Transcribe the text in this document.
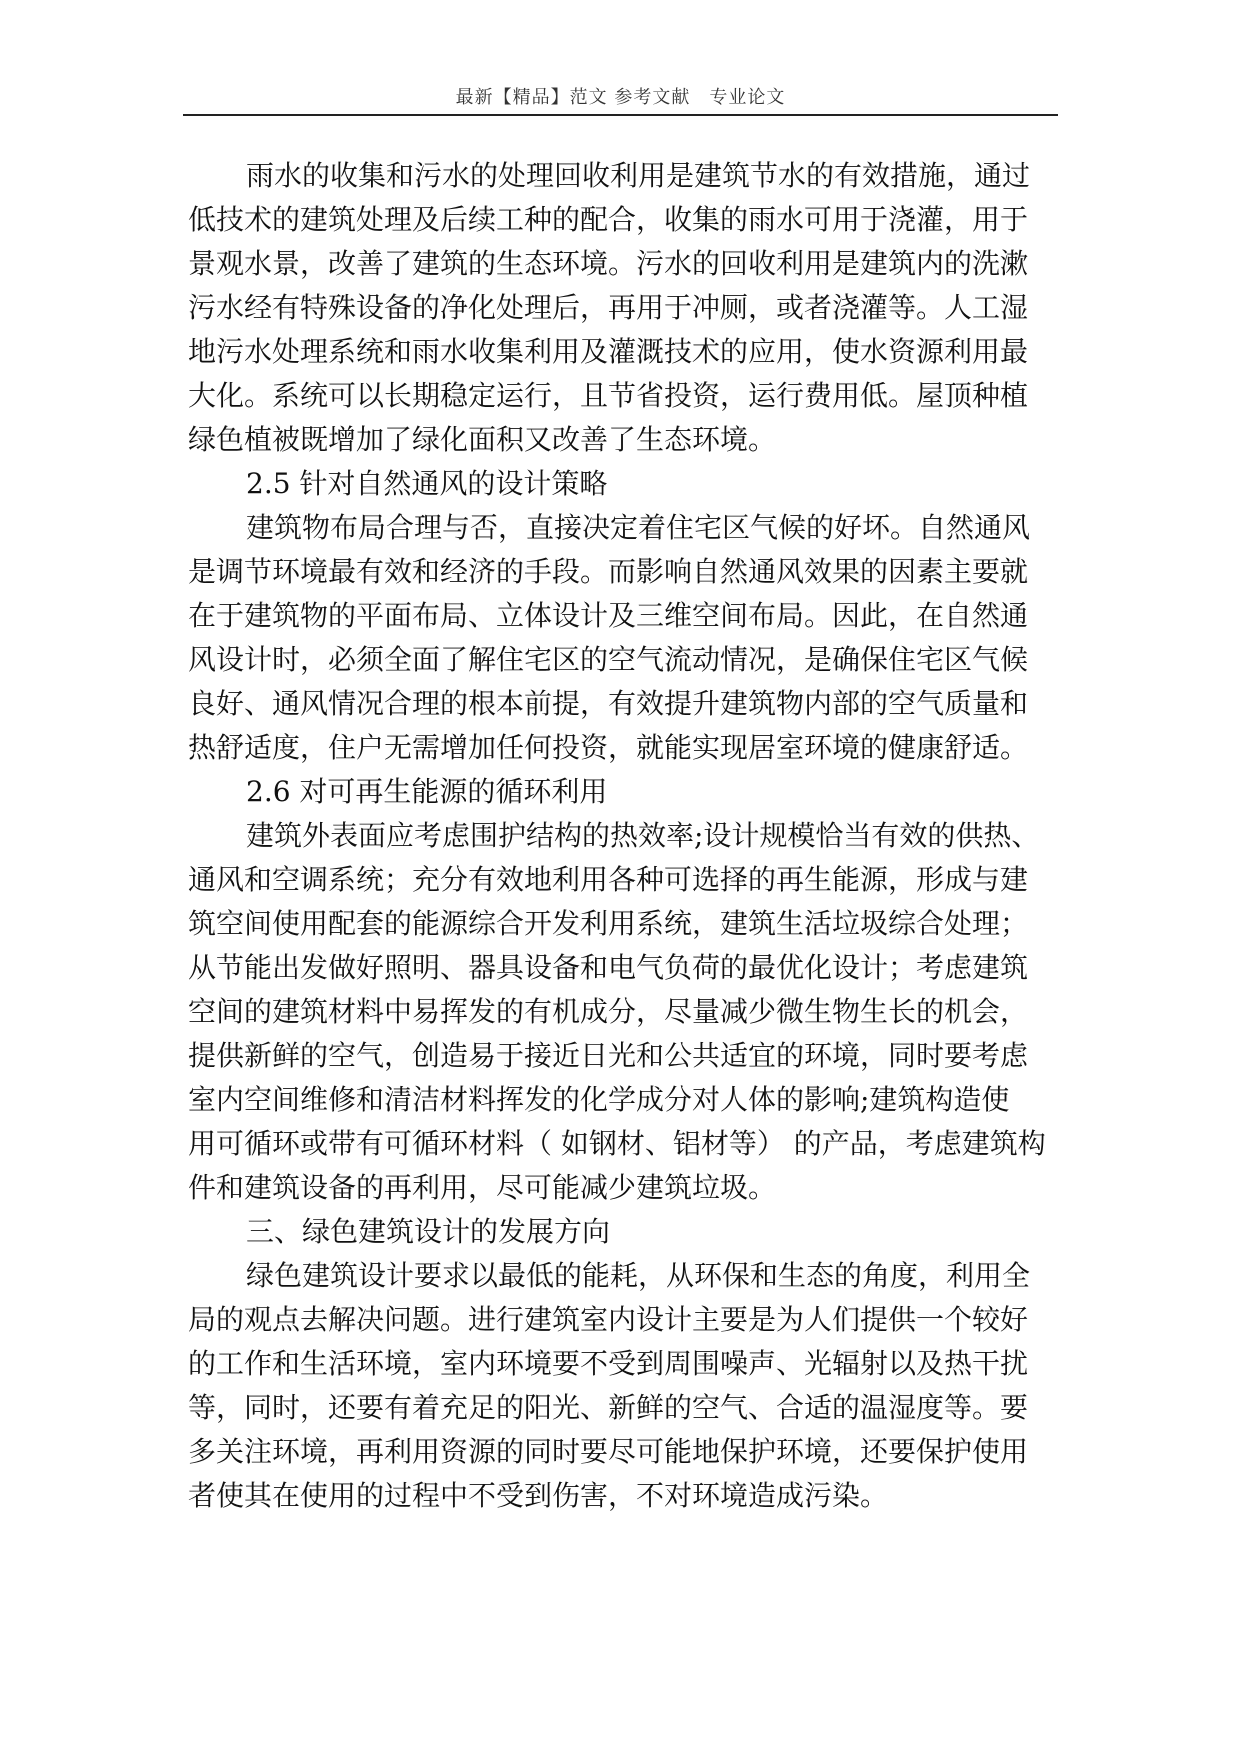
最新【精品】范文 参考文献　专业论文
雨水的收集和污水的处理回收利用是建筑节水的有效措施，通过
低技术的建筑处理及后续工种的配合，收集的雨水可用于浇灌，用于
景观水景，改善了建筑的生态环境。污水的回收利用是建筑内的洗漱
污水经有特殊设备的净化处理后，再用于冲厕，或者浇灌等。人工湿
地污水处理系统和雨水收集利用及灌溉技术的应用，使水资源利用最
大化。系统可以长期稳定运行，且节省投资，运行费用低。屋顶种植
绿色植被既增加了绿化面积又改善了生态环境。
2.5 针对自然通风的设计策略
建筑物布局合理与否，直接决定着住宅区气候的好坏。自然通风
是调节环境最有效和经济的手段。而影响自然通风效果的因素主要就
在于建筑物的平面布局、立体设计及三维空间布局。因此，在自然通
风设计时，必须全面了解住宅区的空气流动情况，是确保住宅区气候
良好、通风情况合理的根本前提，有效提升建筑物内部的空气质量和
热舒适度，住户无需增加任何投资，就能实现居室环境的健康舒适。
2.6 对可再生能源的循环利用
建筑外表面应考虑围护结构的热效率;设计规模恰当有效的供热、
通风和空调系统；充分有效地利用各种可选择的再生能源，形成与建
筑空间使用配套的能源综合开发利用系统，建筑生活垃圾综合处理；
从节能出发做好照明、器具设备和电气负荷的最优化设计；考虑建筑
空间的建筑材料中易挥发的有机成分，尽量减少微生物生长的机会，
提供新鲜的空气，创造易于接近日光和公共适宜的环境，同时要考虑
室内空间维修和清洁材料挥发的化学成分对人体的影响;建筑构造使
用可循环或带有可循环材料（ 如钢材、铝材等） 的产品，考虑建筑构
件和建筑设备的再利用，尽可能减少建筑垃圾。
三、绿色建筑设计的发展方向
绿色建筑设计要求以最低的能耗，从环保和生态的角度，利用全
局的观点去解决问题。进行建筑室内设计主要是为人们提供一个较好
的工作和生活环境，室内环境要不受到周围噪声、光辐射以及热干扰
等，同时，还要有着充足的阳光、新鲜的空气、合适的温湿度等。要
多关注环境，再利用资源的同时要尽可能地保护环境，还要保护使用
者使其在使用的过程中不受到伤害，不对环境造成污染。
